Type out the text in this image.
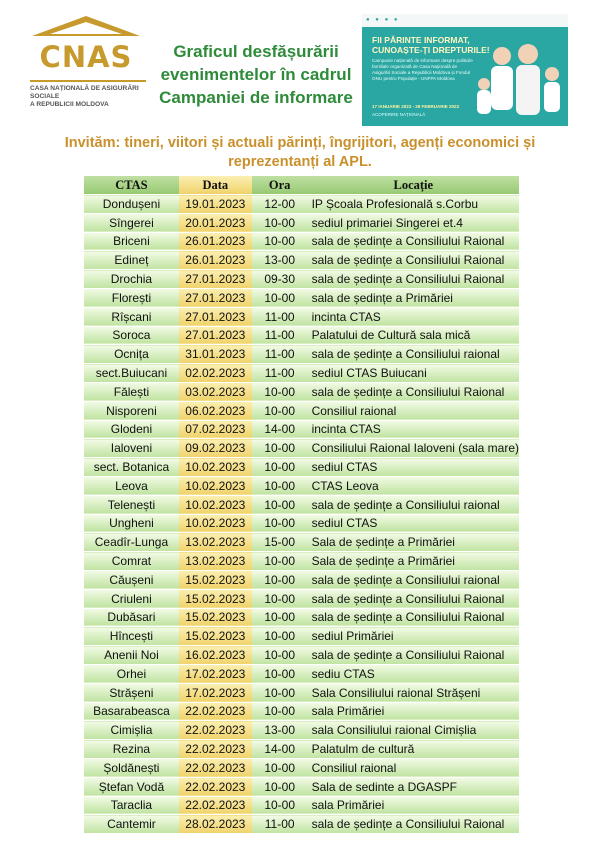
CNAS
CASA NAȚIONALĂ DE ASIGURĂRI SOCIALE
A REPUBLICII MOLDOVA
Graficul desfășurării
evenimentelor în cadrul
Campaniei de informare
● ● ● ●
FII PĂRINTE INFORMAT,
CUNOAȘTE-ȚI DREPTURILE!
Campanie națională de informare despre politicile familiale organizată de Casa Națională de Asigurări Sociale a Republicii Moldova și Fondul ONU pentru Populație - UNFPA Moldova
17 IANUARIE 2023 - 28 FEBRUARIE 2023
ACOPERIRE NAȚIONALĂ
Invităm: tineri, viitori și actuali părinți, îngrijitori, agenți economici și
reprezentanți al APL.
CTAS	Data	Ora	Locație
Dondușeni	19.01.2023	12-00	IP Școala Profesională s.Corbu
Sîngerei	20.01.2023	10-00	sediul primariei Singerei et.4
Briceni	26.01.2023	10-00	sala de ședințe a Consiliului Raional
Edineț	26.01.2023	13-00	sala de ședințe a Consiliului Raional
Drochia	27.01.2023	09-30	sala de ședințe a Consiliului Raional
Florești	27.01.2023	10-00	sala de ședințe a Primăriei
Rîșcani	27.01.2023	11-00	incinta CTAS
Soroca	27.01.2023	11-00	Palatului de Cultură sala mică
Ocnița	31.01.2023	11-00	sala de ședințe a Consiliului raional
sect.Buiucani	02.02.2023	11-00	sediul CTAS Buiucani
Fălești	03.02.2023	10-00	sala de ședințe a Consiliului Raional
Nisporeni	06.02.2023	10-00	Consiliul raional
Glodeni	07.02.2023	14-00	incinta CTAS
Ialoveni	09.02.2023	10-00	Consiliului Raional Ialoveni (sala mare)
sect. Botanica	10.02.2023	10-00	sediul CTAS
Leova	10.02.2023	10-00	CTAS Leova
Telenești	10.02.2023	10-00	sala de ședințe a Consiliului raional
Ungheni	10.02.2023	10-00	sediul CTAS
Ceadîr-Lunga	13.02.2023	15-00	Sala de ședințe a Primăriei
Comrat	13.02.2023	10-00	Sala de ședințe a Primăriei
Căușeni	15.02.2023	10-00	sala de ședințe a Consiliului raional
Criuleni	15.02.2023	10-00	sala de ședințe a Consiliului Raional
Dubăsari	15.02.2023	10-00	sala de ședințe a Consiliului Raional
Hîncești	15.02.2023	10-00	sediul Primăriei
Anenii Noi	16.02.2023	10-00	sala de ședințe a Consiliului Raional
Orhei	17.02.2023	10-00	sediu CTAS
Strășeni	17.02.2023	10-00	Sala Consiliului raional Strășeni
Basarabeasca	22.02.2023	10-00	sala Primăriei
Cimișlia	22.02.2023	13-00	sala Consiliului raional Cimișlia
Rezina	22.02.2023	14-00	Palatulm de cultură
Șoldănești	22.02.2023	10-00	Consiliul raional
Ștefan Vodă	22.02.2023	10-00	Sala de sedinte a DGASPF
Taraclia	22.02.2023	10-00	sala Primăriei
Cantemir	28.02.2023	11-00	sala de ședințe a Consiliului Raional
